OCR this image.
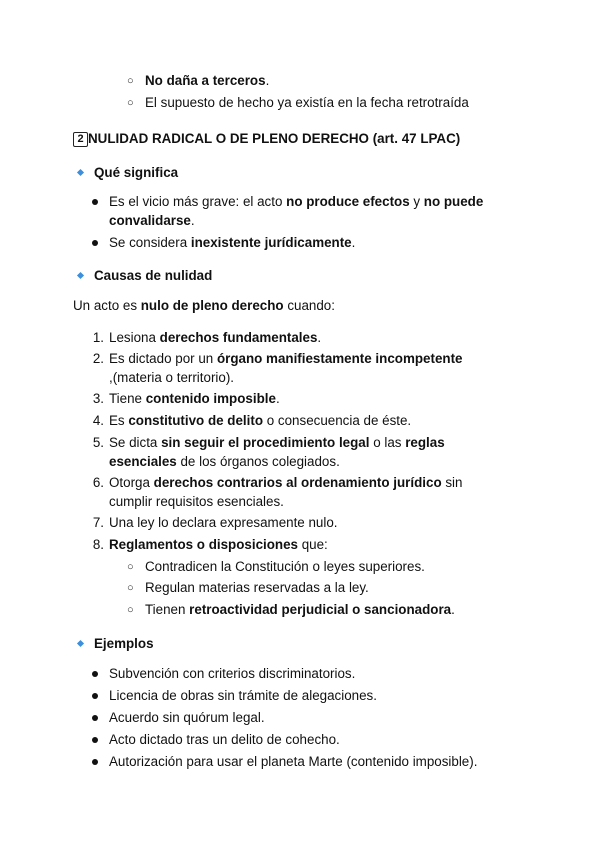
○ No daña a terceros.
○ El supuesto de hecho ya existía en la fecha retrotraída
2 NULIDAD RADICAL O DE PLENO DERECHO (art. 47 LPAC)
Qué significa
Es el vicio más grave: el acto no produce efectos y no puede
convalidarse.
Se considera inexistente jurídicamente.
Causas de nulidad
Un acto es nulo de pleno derecho cuando:
1. Lesiona derechos fundamentales.
2. Es dictado por un órgano manifiestamente incompetente
,(materia o territorio).
3. Tiene contenido imposible.
4. Es constitutivo de delito o consecuencia de éste.
5. Se dicta sin seguir el procedimiento legal o las reglas
esenciales de los órganos colegiados.
6. Otorga derechos contrarios al ordenamiento jurídico sin
cumplir requisitos esenciales.
7. Una ley lo declara expresamente nulo.
8. Reglamentos o disposiciones que:
○ Contradicen la Constitución o leyes superiores.
○ Regulan materias reservadas a la ley.
○ Tienen retroactividad perjudicial o sancionadora.
Ejemplos
Subvención con criterios discriminatorios.
Licencia de obras sin trámite de alegaciones.
Acuerdo sin quórum legal.
Acto dictado tras un delito de cohecho.
Autorización para usar el planeta Marte (contenido imposible).
